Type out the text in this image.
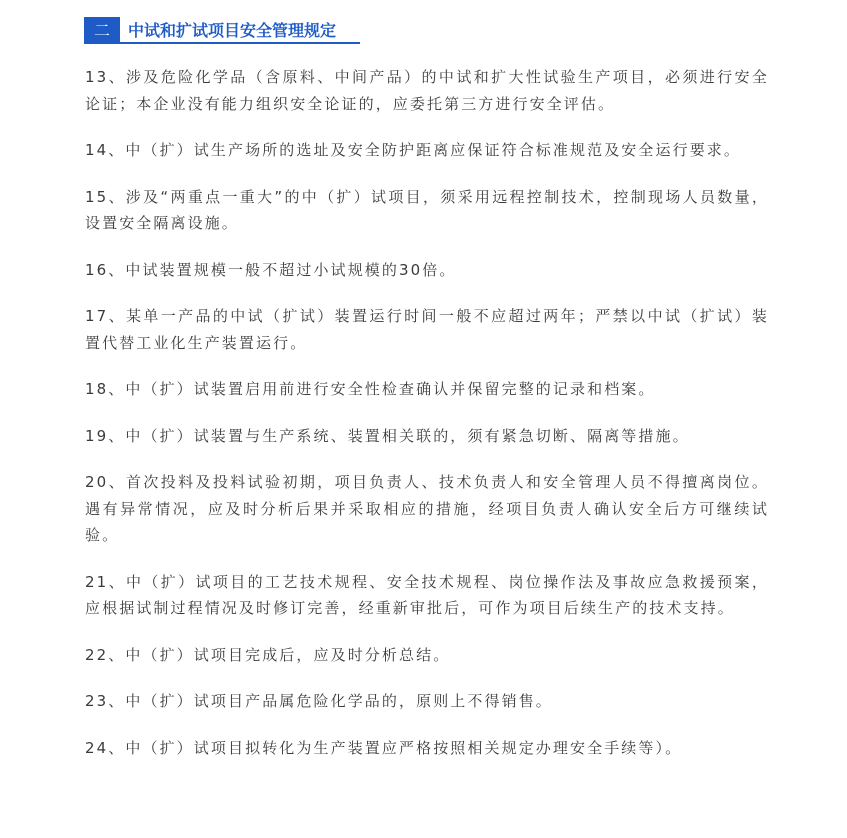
二	中试和扩试项目安全管理规定

13、涉及危险化学品（含原料、中间产品）的中试和扩大性试验生产项目，必须进行安全论证；本企业没有能力组织安全论证的，应委托第三方进行安全评估。

14、中（扩）试生产场所的选址及安全防护距离应保证符合标准规范及安全运行要求。

15、涉及“两重点一重大”的中（扩）试项目，须采用远程控制技术，控制现场人员数量，设置安全隔离设施。

16、中试装置规模一般不超过小试规模的30倍。

17、某单一产品的中试（扩试）装置运行时间一般不应超过两年；严禁以中试（扩试）装置代替工业化生产装置运行。

18、中（扩）试装置启用前进行安全性检查确认并保留完整的记录和档案。

19、中（扩）试装置与生产系统、装置相关联的，须有紧急切断、隔离等措施。

20、首次投料及投料试验初期，项目负责人、技术负责人和安全管理人员不得擅离岗位。遇有异常情况，应及时分析后果并采取相应的措施，经项目负责人确认安全后方可继续试验。

21、中（扩）试项目的工艺技术规程、安全技术规程、岗位操作法及事故应急救援预案，应根据试制过程情况及时修订完善，经重新审批后，可作为项目后续生产的技术支持。

22、中（扩）试项目完成后，应及时分析总结。

23、中（扩）试项目产品属危险化学品的，原则上不得销售。

24、中（扩）试项目拟转化为生产装置应严格按照相关规定办理安全手续等）。
